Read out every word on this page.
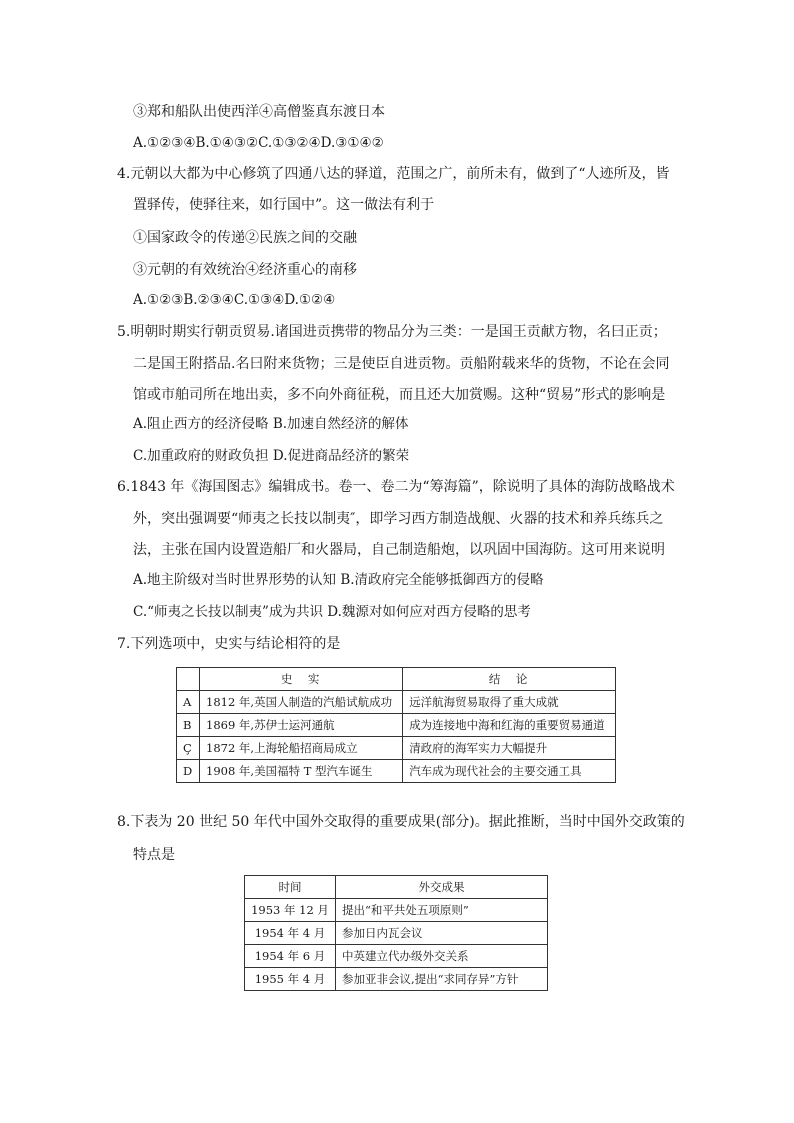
③郑和船队出使西洋④高僧鉴真东渡日本
A.①②③④B.①④③②C.①③②④D.③①④②
4.元朝以大都为中心修筑了四通八达的驿道，范围之广，前所未有，做到了“人迹所及，皆
置驿传，使驿往来，如行国中”。这一做法有利于
①国家政令的传递②民族之间的交融
③元朝的有效统治④经济重心的南移
A.①②③B.②③④C.①③④D.①②④
5.明朝时期实行朝贡贸易.诸国进贡携带的物品分为三类：一是国王贡献方物，名曰正贡；
二是国王附搭品.名曰附来货物；三是使臣自进贡物。贡船附载来华的货物，不论在会同
馆或市舶司所在地出卖，多不向外商征税，而且还大加赏赐。这种“贸易”形式的影响是
A.阻止西方的经济侵略 B.加速自然经济的解体
C.加重政府的财政负担 D.促进商品经济的繁荣
6.1843 年《海国图志》编辑成书。卷一、卷二为“筹海篇”，除说明了具体的海防战略战术
外，突出强调要“师夷之长技以制夷″，即学习西方制造战舰、火器的技术和养兵练兵之
法，主张在国内设置造船厂和火器局，自己制造船炮，以巩固中国海防。这可用来说明
A.地主阶级对当时世界形势的认知 B.清政府完全能够抵御西方的侵略
C.“师夷之长技以制夷”成为共识 D.魏源对如何应对西方侵略的思考
7.下列选项中，史实与结论相符的是
	史　实	结　论
A	1812 年,英国人制造的汽船试航成功	远洋航海贸易取得了重大成就
B	1869 年,苏伊士运河通航	成为连接地中海和红海的重要贸易通道
Ç	1872 年,上海轮船招商局成立	清政府的海军实力大幅提升
D	1908 年,美国福特 T 型汽车诞生	汽车成为现代社会的主要交通工具
8.下表为 20 世纪 50 年代中国外交取得的重要成果(部分)。据此推断，当时中国外交政策的
特点是
时间	外交成果
1953 年 12 月	提出“和平共处五项原则”
1954 年 4 月	参加日内瓦会议
1954 年 6 月	中英建立代办级外交关系
1955 年 4 月	参加亚非会议,提出“求同存异”方针
